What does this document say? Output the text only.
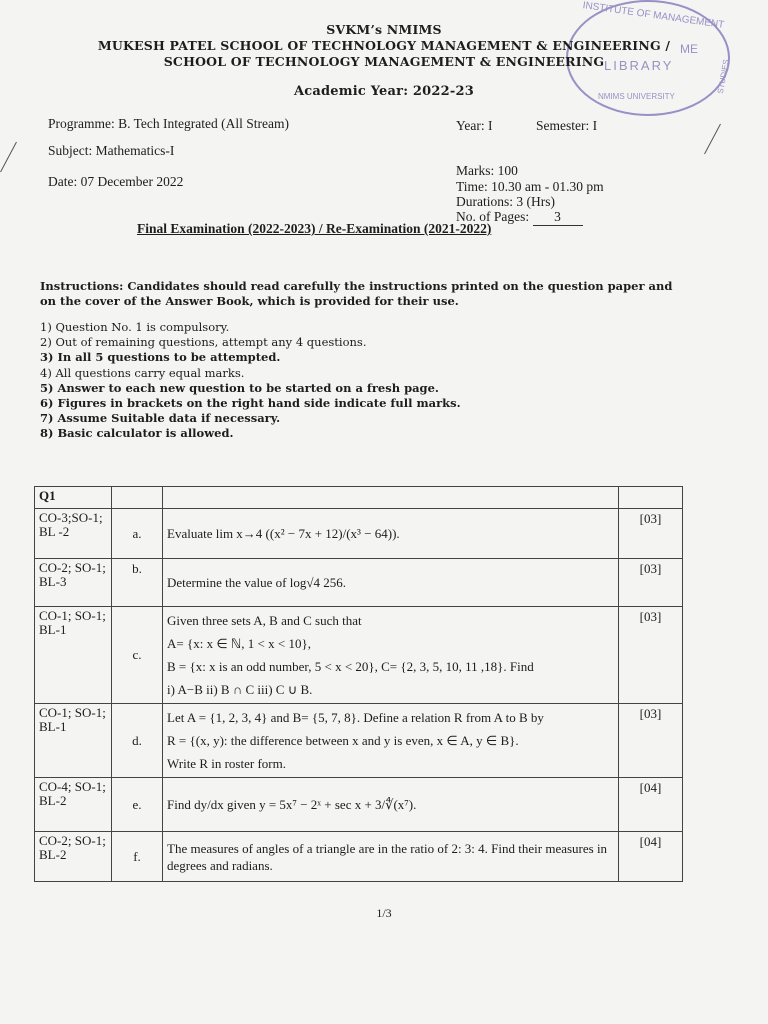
INSTITUTE OF MANAGEMENT
ME
LIBRARY
NMIMS UNIVERSITY
STUDIES
SVKM’s NMIMS
MUKESH PATEL SCHOOL OF TECHNOLOGY MANAGEMENT & ENGINEERING /
SCHOOL OF TECHNOLOGY MANAGEMENT & ENGINEERING
Academic Year: 2022-23
Programme: B. Tech Integrated (All Stream)	Year: I	Semester: I
Subject: Mathematics-I
Date: 07 December 2022
Marks: 100
Time: 10.30 am - 01.30 pm
Durations: 3 (Hrs)
No. of Pages: 3
Final Examination (2022-2023) / Re-Examination (2021-2022)
Instructions: Candidates should read carefully the instructions printed on the question paper and on the cover of the Answer Book, which is provided for their use.
1) Question No. 1 is compulsory.
2) Out of remaining questions, attempt any 4 questions.
3) In all 5 questions to be attempted.
4) All questions carry equal marks.
5) Answer to each new question to be started on a fresh page.
6) Figures in brackets on the right hand side indicate full marks.
7) Assume Suitable data if necessary.
8) Basic calculator is allowed.
Q1			
CO-3;SO-1; BL -2	a.	Evaluate lim x→4 ((x² − 7x + 12)/(x³ − 64)).	[03]
CO-2; SO-1; BL-3	b.	Determine the value of log√4 256.	[03]
CO-1; SO-1; BL-1	c.	Given three sets A, B and C such that
A= {x: x ∈ ℕ, 1 < x < 10},
B = {x: x is an odd number, 5 < x < 20}, C= {2, 3, 5, 10, 11 ,18}. Find
i) A−B ii) B ∩ C iii) C ∪ B.	[03]
CO-1; SO-1; BL-1	d.	Let A = {1, 2, 3, 4} and B= {5, 7, 8}. Define a relation R from A to B by
R = {(x, y): the difference between x and y is even, x ∈ A, y ∈ B}.
Write R in roster form.	[03]
CO-4; SO-1; BL-2	e.	Find dy/dx given y = 5x⁷ − 2ˣ + sec x + 3/∜(x⁷).	[04]
CO-2; SO-1; BL-2	f.	The measures of angles of a triangle are in the ratio of 2: 3: 4. Find their measures in degrees and radians.	[04]
1/3
